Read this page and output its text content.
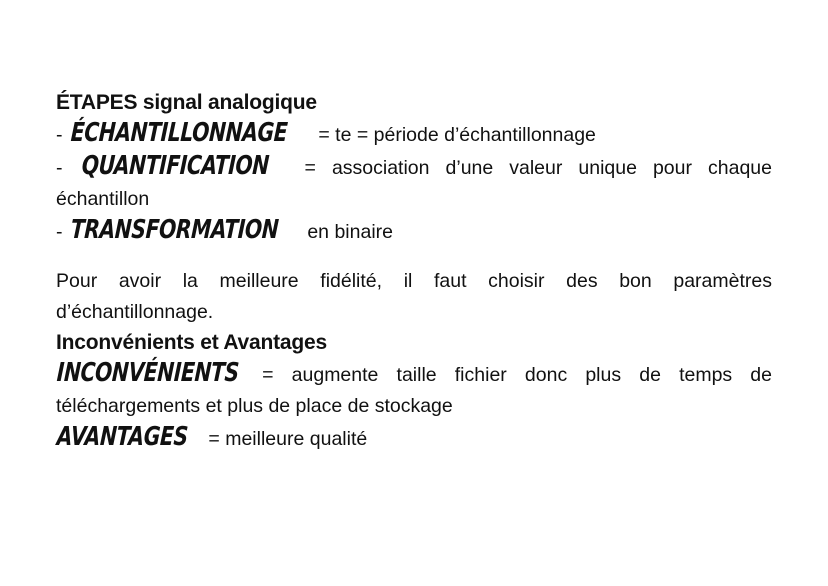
ÉTAPES signal analogique

- ÉCHANTILLONNAGE = te = période d’échantillonnage

- QUANTIFICATION = association d’une valeur unique pour chaque échantillon

- TRANSFORMATION en binaire

Pour avoir la meilleure fidélité, il faut choisir des bon paramètres d’échantillonnage.

Inconvénients et Avantages

INCONVÉNIENTS = augmente taille fichier donc plus de temps de téléchargements et plus de place de stockage

AVANTAGES = meilleure qualité
